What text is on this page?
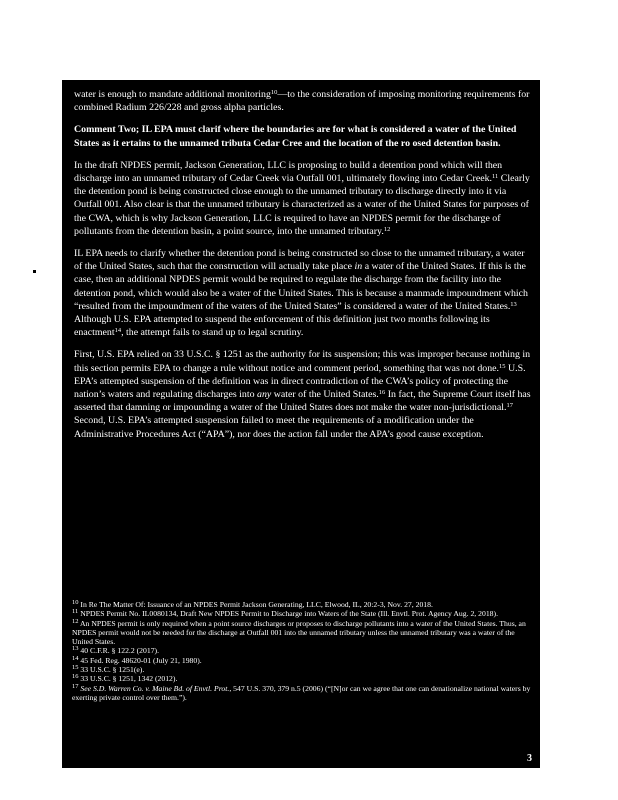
water is enough to mandate additional monitoring$^{10}$—to the consideration of imposing monitoring requirements for combined Radium 226/228 and gross alpha particles.

Comment Two; IL EPA must clarif where the boundaries are for what is considered a water of the United States as it ertains to the unnamed tributa Cedar Cree and the location of the ro osed detention basin.

In the draft NPDES permit, Jackson Generation, LLC is proposing to build a detention pond which will then discharge into an unnamed tributary of Cedar Creek via Outfall 001, ultimately flowing into Cedar Creek.$^{11}$ Clearly the detention pond is being constructed close enough to the unnamed tributary to discharge directly into it via Outfall 001. Also clear is that the unnamed tributary is characterized as a water of the United States for purposes of the CWA, which is why Jackson Generation, LLC is required to have an NPDES permit for the discharge of pollutants from the detention basin, a point source, into the unnamed tributary.$^{12}$

IL EPA needs to clarify whether the detention pond is being constructed so close to the unnamed tributary, a water of the United States, such that the construction will actually take place in a water of the United States. If this is the case, then an additional NPDES permit would be required to regulate the discharge from the facility into the detention pond, which would also be a water of the United States. This is because a manmade impoundment which “resulted from the impoundment of the waters of the United States” is considered a water of the United States.$^{13}$ Although U.S. EPA attempted to suspend the enforcement of this definition just two months following its enactment$^{14}$, the attempt fails to stand up to legal scrutiny.

First, U.S. EPA relied on 33 U.S.C. § 1251 as the authority for its suspension; this was improper because nothing in this section permits EPA to change a rule without notice and comment period, something that was not done.$^{15}$ U.S. EPA’s attempted suspension of the definition was in direct contradiction of the CWA’s policy of protecting the nation’s waters and regulating discharges into any water of the United States.$^{16}$ In fact, the Supreme Court itself has asserted that damning or impounding a water of the United States does not make the water non-jurisdictional.$^{17}$ Second, U.S. EPA’s attempted suspension failed to meet the requirements of a modification under the Administrative Procedures Act (“APA”), nor does the action fall under the APA’s good cause exception.

$^{10}$ In Re The Matter Of: Issuance of an NPDES Permit Jackson Generating, LLC, Elwood, IL, 20:2-3, Nov. 27, 2018.

$^{11}$ NPDES Permit No. IL0080134, Draft New NPDES Permit to Discharge into Waters of the State (Ill. Envtl. Prot. Agency Aug. 2, 2018).

$^{12}$ An NPDES permit is only required when a point source discharges or proposes to discharge pollutants into a water of the United States. Thus, an NPDES permit would not be needed for the discharge at Outfall 001 into the unnamed tributary unless the unnamed tributary was a water of the United States.

$^{13}$ 40 C.F.R. § 122.2 (2017).

$^{14}$ 45 Fed. Reg. 48620-01 (July 21, 1980).

$^{15}$ 33 U.S.C. § 1251(e).

$^{16}$ 33 U.S.C. § 1251, 1342 (2012).

$^{17}$ See S.D. Warren Co. v. Maine Bd. of Envtl. Prot., 547 U.S. 370, 379 n.5 (2006) (“[N]or can we agree that one can denationalize national waters by exerting private control over them.”).

3
